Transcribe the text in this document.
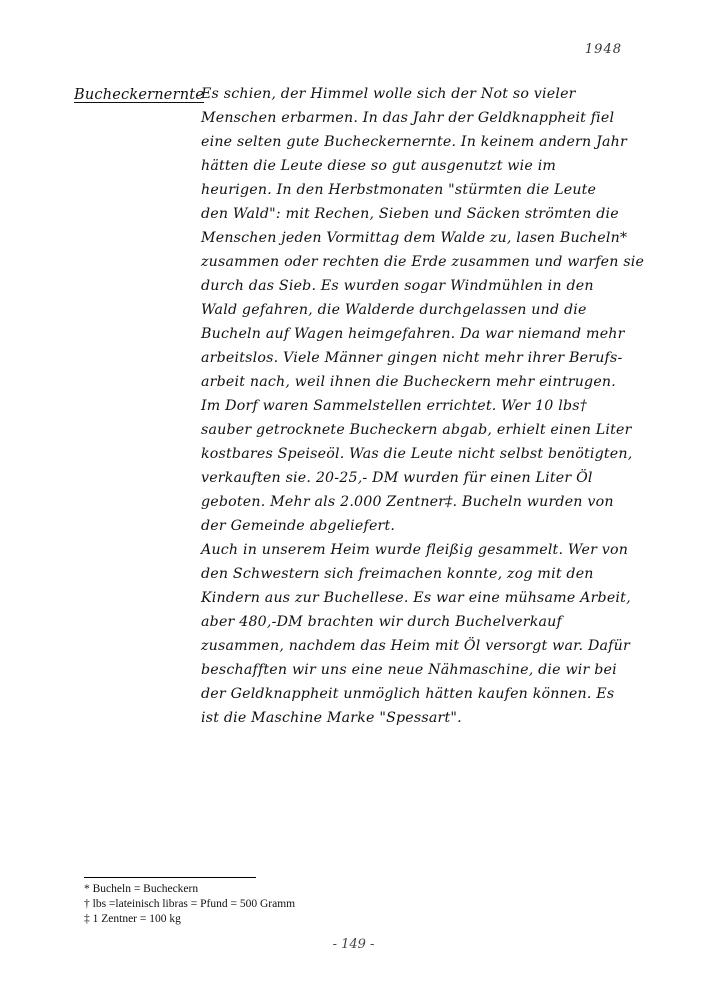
1948
Bucheckernernte
Es schien, der Himmel wolle sich der Not so vieler
Menschen erbarmen. In das Jahr der Geldknappheit fiel
eine selten gute Bucheckernernte. In keinem andern Jahr
hätten die Leute diese so gut ausgenutzt wie im
heurigen. In den Herbstmonaten "stürmten die Leute
den Wald": mit Rechen, Sieben und Säcken strömten die
Menschen jeden Vormittag dem Walde zu, lasen Bucheln*
zusammen oder rechten die Erde zusammen und warfen sie
durch das Sieb. Es wurden sogar Windmühlen in den
Wald gefahren, die Walderde durchgelassen und die
Bucheln auf Wagen heimgefahren. Da war niemand mehr
arbeitslos. Viele Männer gingen nicht mehr ihrer Berufs-
arbeit nach, weil ihnen die Bucheckern mehr eintrugen.
Im Dorf waren Sammelstellen errichtet. Wer 10 lbs†
sauber getrocknete Bucheckern abgab, erhielt einen Liter
kostbares Speiseöl. Was die Leute nicht selbst benötigten,
verkauften sie. 20-25,- DM wurden für einen Liter Öl
geboten. Mehr als 2.000 Zentner‡. Bucheln wurden von
der Gemeinde abgeliefert.
Auch in unserem Heim wurde fleißig gesammelt. Wer von
den Schwestern sich freimachen konnte, zog mit den
Kindern aus zur Buchellese. Es war eine mühsame Arbeit,
aber 480,-DM brachten wir durch Buchelverkauf
zusammen, nachdem das Heim mit Öl versorgt war. Dafür
beschafften wir uns eine neue Nähmaschine, die wir bei
der Geldknappheit unmöglich hätten kaufen können. Es
ist die Maschine Marke "Spessart".
* Bucheln = Bucheckern
† lbs =lateinisch libras = Pfund = 500 Gramm
‡ 1 Zentner = 100 kg
- 149 -
